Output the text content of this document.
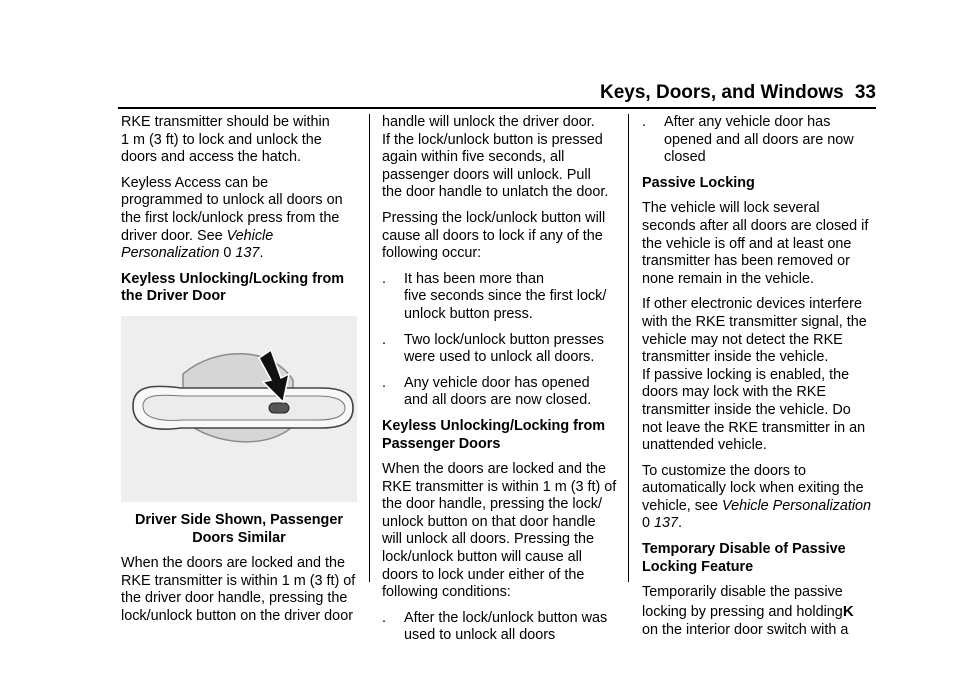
Keys, Doors, and Windows 33
RKE transmitter should be within
1 m (3 ft) to lock and unlock the
doors and access the hatch.
Keyless Access can be
programmed to unlock all doors on
the first lock/unlock press from the
driver door. See Vehicle
Personalization 0 137.
Keyless Unlocking/Locking from
the Driver Door
Driver Side Shown, Passenger
Doors Similar
When the doors are locked and the
RKE transmitter is within 1 m (3 ft) of
the driver door handle, pressing the
lock/unlock button on the driver door
handle will unlock the driver door.
If the lock/unlock button is pressed
again within five seconds, all
passenger doors will unlock. Pull
the door handle to unlatch the door.
Pressing the lock/unlock button will
cause all doors to lock if any of the
following occur:
. It has been more than
five seconds since the first lock/
unlock button press.
. Two lock/unlock button presses
were used to unlock all doors.
. Any vehicle door has opened
and all doors are now closed.
Keyless Unlocking/Locking from
Passenger Doors
When the doors are locked and the
RKE transmitter is within 1 m (3 ft) of
the door handle, pressing the lock/
unlock button on that door handle
will unlock all doors. Pressing the
lock/unlock button will cause all
doors to lock under either of the
following conditions:
. After the lock/unlock button was
used to unlock all doors
. After any vehicle door has
opened and all doors are now
closed
Passive Locking
The vehicle will lock several
seconds after all doors are closed if
the vehicle is off and at least one
transmitter has been removed or
none remain in the vehicle.
If other electronic devices interfere
with the RKE transmitter signal, the
vehicle may not detect the RKE
transmitter inside the vehicle.
If passive locking is enabled, the
doors may lock with the RKE
transmitter inside the vehicle. Do
not leave the RKE transmitter in an
unattended vehicle.
To customize the doors to
automatically lock when exiting the
vehicle, see Vehicle Personalization
0 137.
Temporary Disable of Passive
Locking Feature
Temporarily disable the passive
locking by pressing and holdingK
on the interior door switch with a
